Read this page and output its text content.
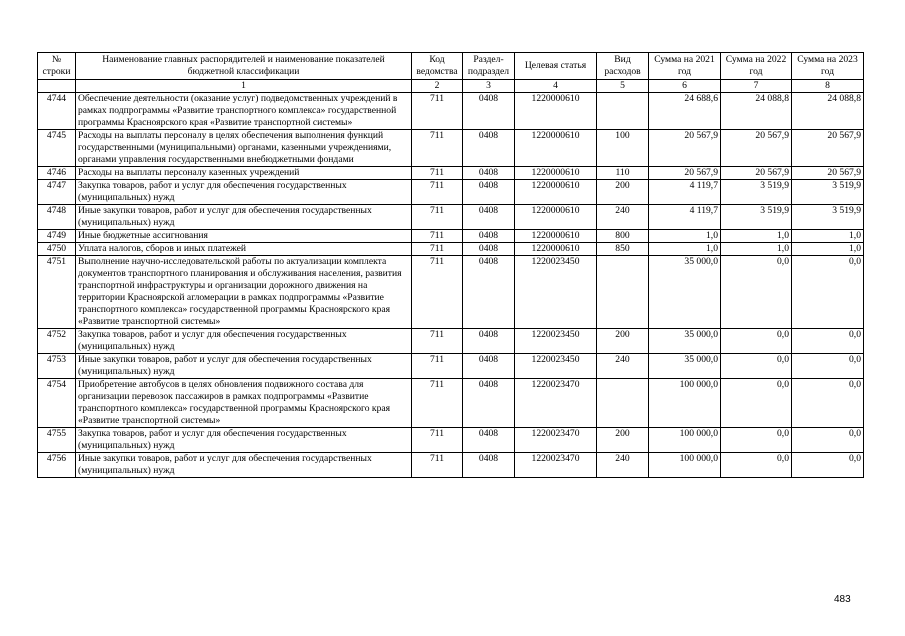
№ строки	Наименование главных распорядителей и наименование показателей бюджетной классификации	Код ведомства	Раздел-подраздел	Целевая статья	Вид расходов	Сумма на 2021 год	Сумма на 2022 год	Сумма на 2023 год
	1	2	3	4	5	6	7	8
4744	Обеспечение деятельности (оказание услуг) подведомственных учреждений в рамках подпрограммы «Развитие транспортного комплекса» государственной программы Красноярского края «Развитие транспортной системы»	711	0408	1220000610		24 688,6	24 088,8	24 088,8
4745	Расходы на выплаты персоналу в целях обеспечения выполнения функций государственными (муниципальными) органами, казенными учреждениями, органами управления государственными внебюджетными фондами	711	0408	1220000610	100	20 567,9	20 567,9	20 567,9
4746	Расходы на выплаты персоналу казенных учреждений	711	0408	1220000610	110	20 567,9	20 567,9	20 567,9
4747	Закупка товаров, работ и услуг для обеспечения государственных (муниципальных) нужд	711	0408	1220000610	200	4 119,7	3 519,9	3 519,9
4748	Иные закупки товаров, работ и услуг для обеспечения государственных (муниципальных) нужд	711	0408	1220000610	240	4 119,7	3 519,9	3 519,9
4749	Иные бюджетные ассигнования	711	0408	1220000610	800	1,0	1,0	1,0
4750	Уплата налогов, сборов и иных платежей	711	0408	1220000610	850	1,0	1,0	1,0
4751	Выполнение научно-исследовательской работы по актуализации комплекта документов транспортного планирования и обслуживания населения, развития транспортной инфраструктуры и организации дорожного движения на территории Красноярской агломерации в рамках подпрограммы «Развитие транспортного комплекса» государственной программы Красноярского края «Развитие транспортной системы»	711	0408	1220023450		35 000,0	0,0	0,0
4752	Закупка товаров, работ и услуг для обеспечения государственных (муниципальных) нужд	711	0408	1220023450	200	35 000,0	0,0	0,0
4753	Иные закупки товаров, работ и услуг для обеспечения государственных (муниципальных) нужд	711	0408	1220023450	240	35 000,0	0,0	0,0
4754	Приобретение автобусов в целях обновления подвижного состава для организации перевозок пассажиров в рамках подпрограммы «Развитие транспортного комплекса» государственной программы Красноярского края «Развитие транспортной системы»	711	0408	1220023470		100 000,0	0,0	0,0
4755	Закупка товаров, работ и услуг для обеспечения государственных (муниципальных) нужд	711	0408	1220023470	200	100 000,0	0,0	0,0
4756	Иные закупки товаров, работ и услуг для обеспечения государственных (муниципальных) нужд	711	0408	1220023470	240	100 000,0	0,0	0,0
483
